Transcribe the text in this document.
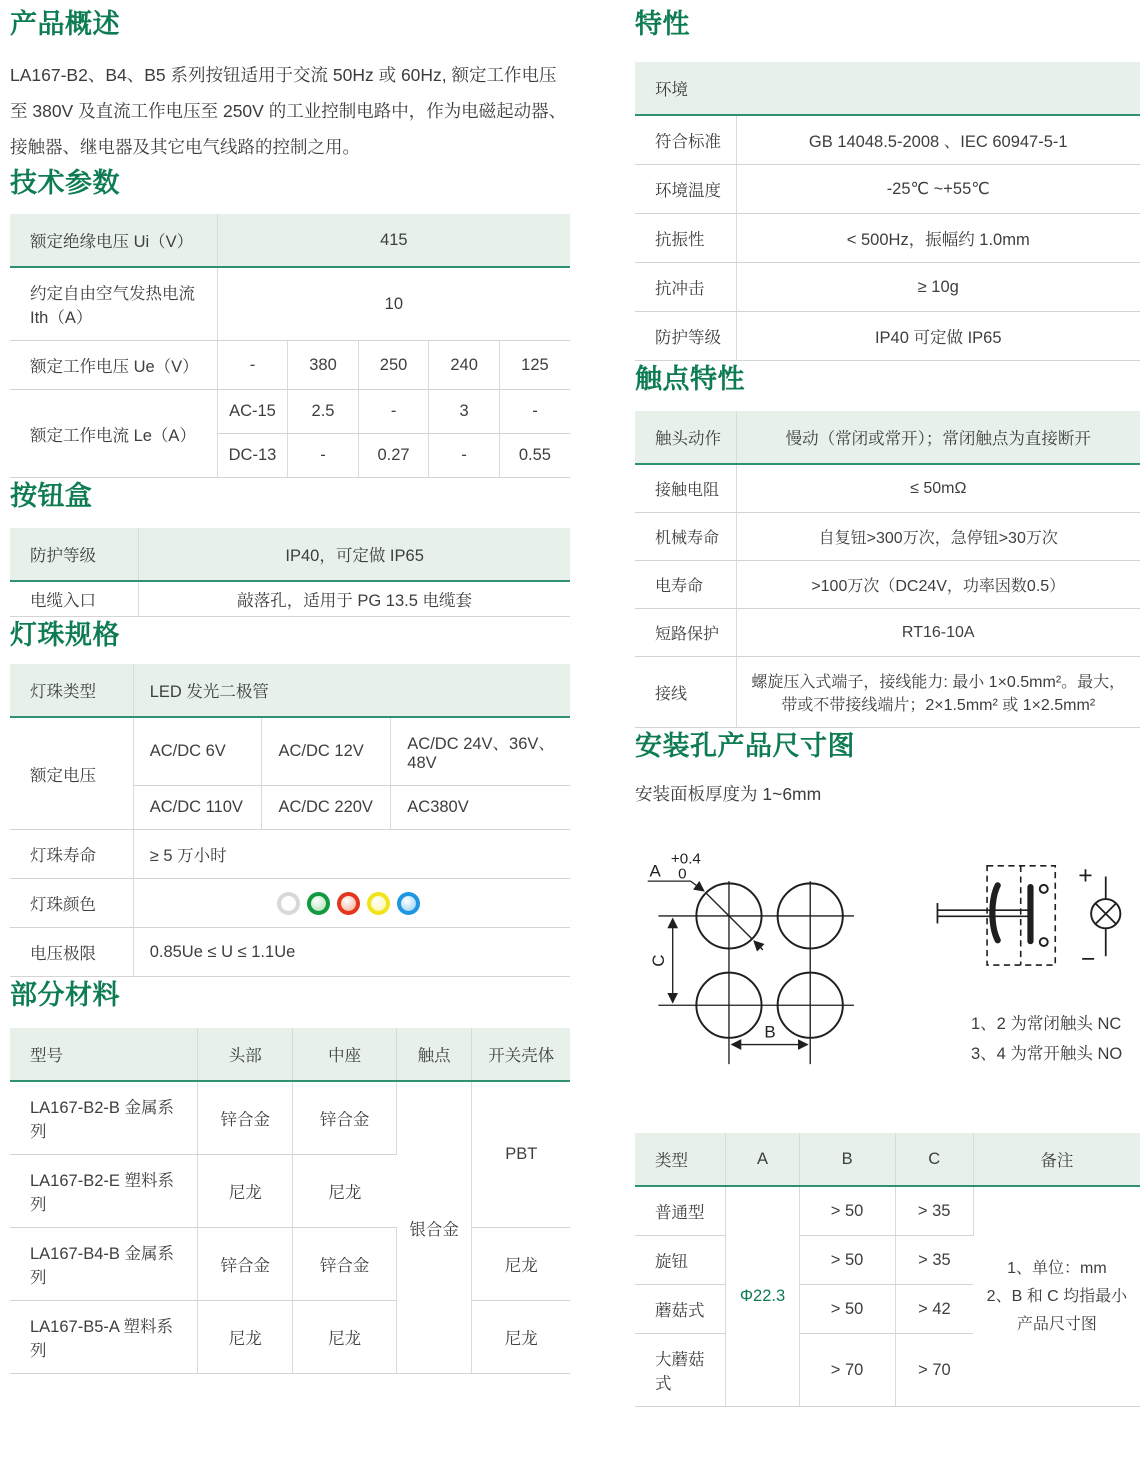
产品概述

LA167-B2、B4、B5 系列按钮适用于交流 50Hz 或 60Hz, 额定工作电压至 380V 及直流工作电压至 250V 的工业控制电路中，作为电磁起动器、接触器、继电器及其它电气线路的控制之用。

技术参数
额定绝缘电压 Ui（V）	415				
约定自由空气发热电流 Ith（A）	10				
额定工作电压 Ue（V）	-	380	250	240	125
额定工作电流 Le（A）	AC-15	2.5	-	3	-
	DC-13	-	0.27	-	0.55
按钮盒
防护等级	IP40，可定做 IP65
电缆入口	敲落孔，适用于 PG 13.5 电缆套
灯珠规格
灯珠类型	LED 发光二极管		
额定电压	AC/DC 6V	AC/DC 12V	AC/DC 24V、36V、48V
	AC/DC 110V	AC/DC 220V	AC380V
灯珠寿命	≥ 5 万小时		
灯珠颜色			
电压极限	0.85Ue ≤ U ≤ 1.1Ue		
部分材料
型号	头部	中座	触点	开关壳体
LA167-B2-B 金属系列	锌合金	锌合金	银合金	PBT
LA167-B2-E 塑料系列	尼龙	尼龙		
LA167-B4-B 金属系列	锌合金	锌合金		尼龙
LA167-B5-A 塑料系列	尼龙	尼龙		尼龙
特性
环境	
符合标准	GB 14048.5-2008 、IEC 60947-5-1
环境温度	-25℃ ~+55℃
抗振性	< 500Hz，振幅约 1.0mm
抗冲击	≥ 10g
防护等级	IP40 可定做 IP65
触点特性
触头动作	慢动（常闭或常开）；常闭触点为直接断开
接触电阻	≤ 50mΩ
机械寿命	自复钮>300万次，急停钮>30万次
电寿命	>100万次（DC24V，功率因数0.5）
短路保护	RT16-10A
接线	螺旋压入式端子，接线能力: 最小 1×0.5mm²。最大，带或不带接线端片；2×1.5mm² 或 1×2.5mm²
安装孔产品尺寸图

安装面板厚度为 1~6mm

A
+0.4
0
B
C
+
−
1、2 为常闭触头 NC
3、4 为常开触头 NO
类型	A	B	C	备注
普通型	Φ22.3	> 50	> 35	1、单位：mm
2、B 和 C 均指最小产品尺寸图

旋钮		> 50	> 35	
蘑菇式		> 50	> 42	
大蘑菇式		> 70	> 70	
